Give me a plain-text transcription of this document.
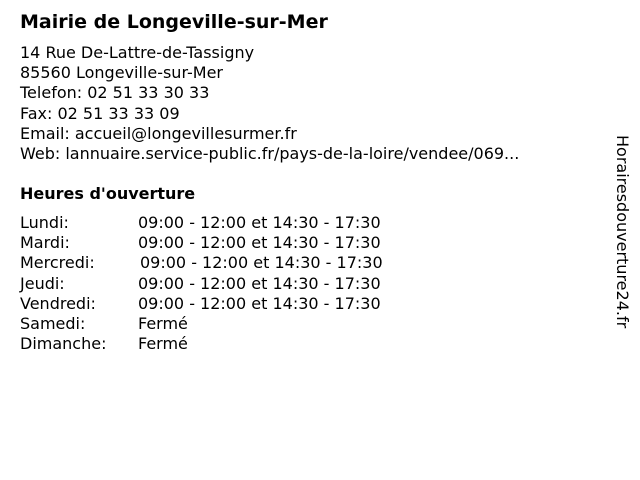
Mairie de Longeville-sur-Mer
14 Rue De-Lattre-de-Tassigny
85560 Longeville-sur-Mer
Telefon: 02 51 33 30 33
Fax: 02 51 33 33 09
Email: accueil@longevillesurmer.fr
Web: lannuaire.service-public.fr/pays-de-la-loire/vendee/069...
Heures d'ouverture
Lundi:	09:00 - 12:00 et 14:30 - 17:30
Mardi:	09:00 - 12:00 et 14:30 - 17:30
Mercredi:	09:00 - 12:00 et 14:30 - 17:30
Jeudi:	09:00 - 12:00 et 14:30 - 17:30
Vendredi:	09:00 - 12:00 et 14:30 - 17:30
Samedi:	Fermé
Dimanche: Fermé
Horairesdouverture24.fr
